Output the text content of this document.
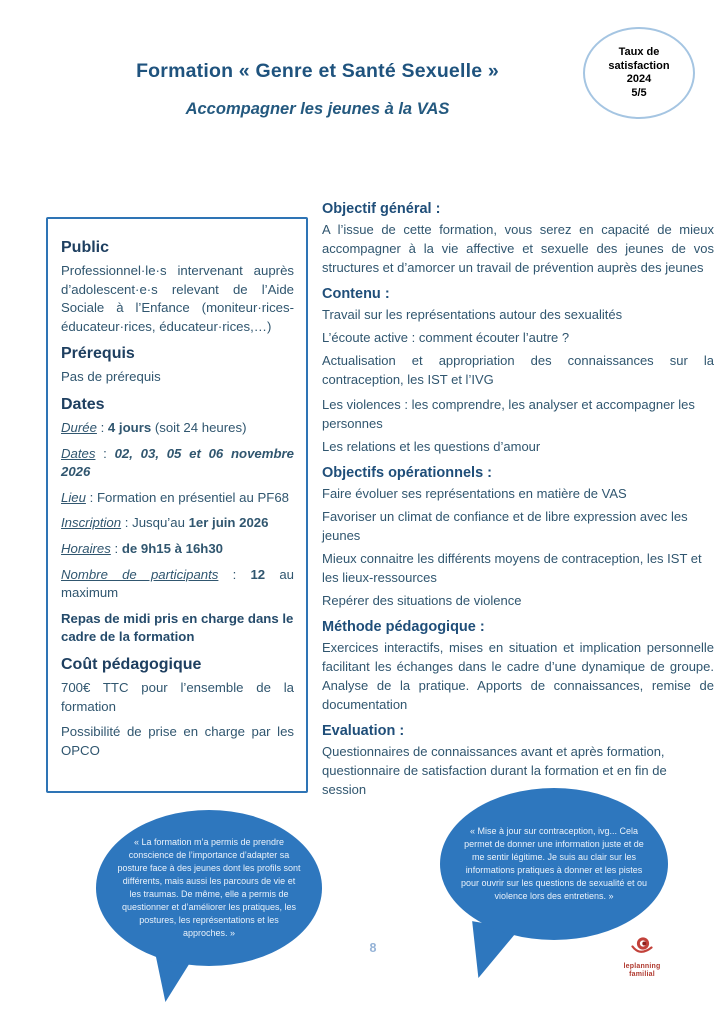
Formation « Genre et Santé Sexuelle »
Accompagner les jeunes à la VAS
Taux de
satisfaction
2024
5/5
Public

Professionnel·le·s intervenant auprès d’adolescent·e·s relevant de l’Aide Sociale à l’Enfance (moniteur·rices-éducateur·rices, éducateur·rices,…)

Prérequis

Pas de prérequis

Dates

Durée : 4 jours (soit 24 heures)

Dates : 02, 03, 05 et 06 novembre 2026

Lieu : Formation en présentiel au PF68

Inscription : Jusqu’au 1er juin 2026

Horaires : de 9h15 à 16h30

Nombre de participants : 12 au maximum

Repas de midi pris en charge dans le cadre de la formation

Coût pédagogique

700€ TTC pour l’ensemble de la formation

Possibilité de prise en charge par les OPCO

Objectif général :

A l’issue de cette formation, vous serez en capacité de mieux accompagner à la vie affective et sexuelle des jeunes de vos structures et d’amorcer un travail de prévention auprès des jeunes

Contenu :

Travail sur les représentations autour des sexualités

L’écoute active : comment écouter l’autre ?

Actualisation et appropriation des connaissances sur la contraception, les IST et l’IVG

Les violences : les comprendre, les analyser et accompagner les personnes

Les relations et les questions d’amour

Objectifs opérationnels :

Faire évoluer ses représentations en matière de VAS

Favoriser un climat de confiance et de libre expression avec les jeunes

Mieux connaitre les différents moyens de contraception, les IST et les lieux-ressources

Repérer des situations de violence

Méthode pédagogique :

Exercices interactifs, mises en situation et implication personnelle facilitant les échanges dans le cadre d’une dynamique de groupe. Analyse de la pratique. Apports de connaissances, remise de documentation

Evaluation :

Questionnaires de connaissances avant et après formation, questionnaire de satisfaction durant la formation et en fin de session

« La formation m’a permis de prendre conscience de l’importance d’adapter sa posture face à des jeunes dont les profils sont différents, mais aussi les parcours de vie et les traumas. De même, elle a permis de questionner et d’améliorer les pratiques, les postures, les représentations et les approches. »
« Mise à jour sur contraception, ivg... Cela permet de donner une information juste et de me sentir légitime. Je suis au clair sur les informations pratiques à donner et les pistes pour ouvrir sur les questions de sexualité et ou violence lors des entretiens. »
8
leplanning
familial
